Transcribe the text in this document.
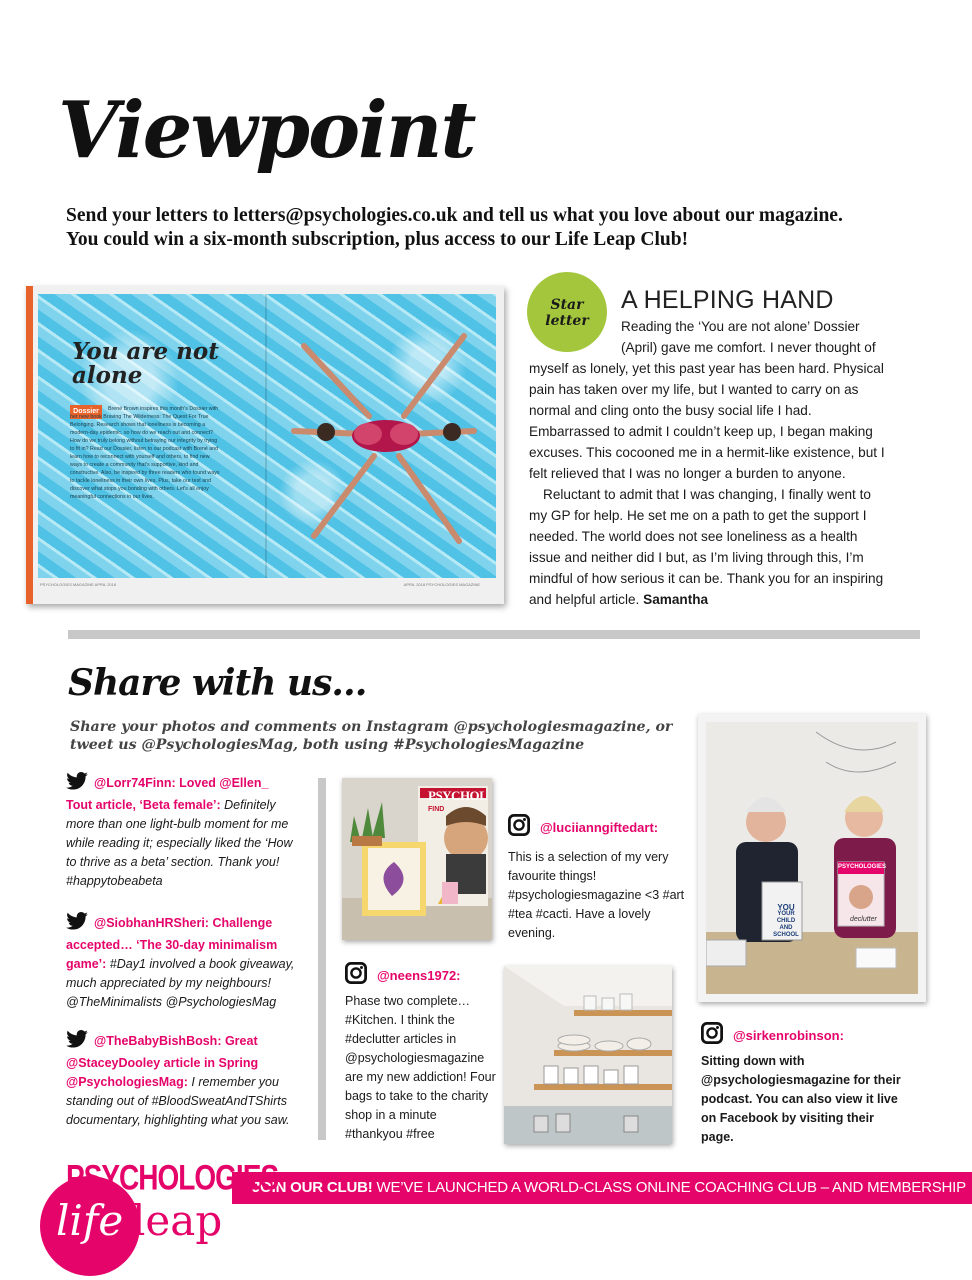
Viewpoint
Send your letters to letters@psychologies.co.uk and tell us what you love about our magazine. You could win a six-month subscription, plus access to our Life Leap Club!
You are not alone
Dossier	Brené Brown inspires this month's Dossier with her new book Braving The Wilderness: The Quest For True Belonging. Research shows that loneliness is becoming a modern-day epidemic, so how do we reach out and connect? How do we truly belong without betraying our integrity by trying to fit in? Read our Dossier, listen to our podcast with Brené and learn how to reconnect with yourself and others, to find new ways to create a community that's supportive, kind and constructive. Also, be inspired by three readers who found ways to tackle loneliness in their own lives. Plus, take our test and discover what stops you bonding with others. Let's all enjoy meaningful connections in our lives.
PSYCHOLOGIES MAGAZINE APRIL 2018	APRIL 2018 PSYCHOLOGIES MAGAZINE
Star
letter
A HELPING HAND

Reading the ‘You are not alone’ Dossier (April) gave me comfort. I never thought of myself as lonely, yet this past year has been hard. Physical pain has taken over my life, but I wanted to carry on as normal and cling onto the busy social life I had. Embarrassed to admit I couldn’t keep up, I began making excuses. This cocooned me in a hermit-like existence, but I felt relieved that I was no longer a burden to anyone.

Reluctant to admit that I was changing, I finally went to my GP for help. He set me on a path to get the support I needed. The world does not see loneliness as a health issue and neither did I but, as I’m living through this, I’m mindful of how serious it can be. Thank you for an inspiring and helpful article. Samantha

Share with us…
Share your photos and comments on Instagram @psychologiesmagazine, or tweet us @PsychologiesMag, both using #PsychologiesMagazine
@Lorr74Finn: Loved @Ellen_ Tout article, ‘Beta female’: Definitely more than one light-bulb moment for me while reading it; especially liked the ‘How to thrive as a beta’ section. Thank you! #happytobeabeta
@SiobhanHRSheri: Challenge accepted… ‘The 30-day minimalism game’: #Day1 involved a book giveaway, much appreciated by my neighbours! @TheMinimalists @PsychologiesMag
@TheBabyBishBosh: Great @StaceyDooley article in Spring @PsychologiesMag: I remember you standing out of #BloodSweatAndTShirts documentary, highlighting what you saw.
PSYCHOL
FIND
@luciianngiftedart:
This is a selection of my very favourite things! #psychologiesmagazine <3 #art #tea #cacti. Have a lovely evening.
@neens1972:
Phase two complete… #Kitchen. I think the #declutter articles in @psychologiesmagazine are my new addiction! Four bags to take to the charity shop in a minute #thankyou #free
YOU
YOUR CHILD
AND
SCHOOL
PSYCHOLOGIES
declutter
@sirkenrobinson:
Sitting down with @psychologiesmagazine for their podcast. You can also view it live on Facebook by visiting their page.
JOIN OUR CLUB! WE’VE LAUNCHED A WORLD-CLASS ONLINE COACHING CLUB – AND MEMBERSHIP
PSYCHOLOGIES
life leap
